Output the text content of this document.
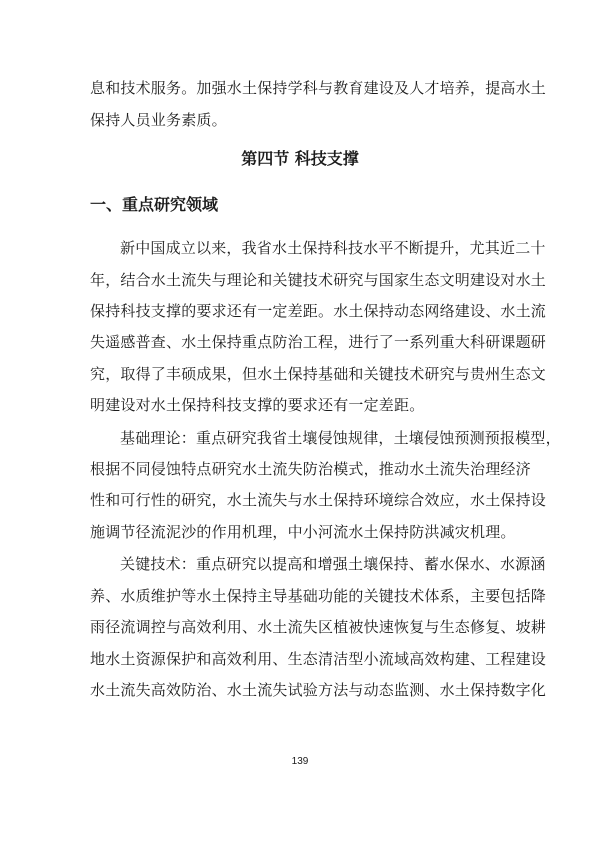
息和技术服务。加强水土保持学科与教育建设及人才培养，提高水土
保持人员业务素质。
第四节 科技支撑
一、重点研究领域
新中国成立以来，我省水土保持科技水平不断提升，尤其近二十
年，结合水土流失与理论和关键技术研究与国家生态文明建设对水土
保持科技支撑的要求还有一定差距。水土保持动态网络建设、水土流
失遥感普查、水土保持重点防治工程，进行了一系列重大科研课题研
究，取得了丰硕成果，但水土保持基础和关键技术研究与贵州生态文
明建设对水土保持科技支撑的要求还有一定差距。
基础理论：重点研究我省土壤侵蚀规律，土壤侵蚀预测预报模型，
根据不同侵蚀特点研究水土流失防治模式，推动水土流失治理经济
性和可行性的研究，水土流失与水土保持环境综合效应，水土保持设
施调节径流泥沙的作用机理，中小河流水土保持防洪减灾机理。
关键技术：重点研究以提高和增强土壤保持、蓄水保水、水源涵
养、水质维护等水土保持主导基础功能的关键技术体系，主要包括降
雨径流调控与高效利用、水土流失区植被快速恢复与生态修复、坡耕
地水土资源保护和高效利用、生态清洁型小流域高效构建、工程建设
水土流失高效防治、水土流失试验方法与动态监测、水土保持数字化
139
